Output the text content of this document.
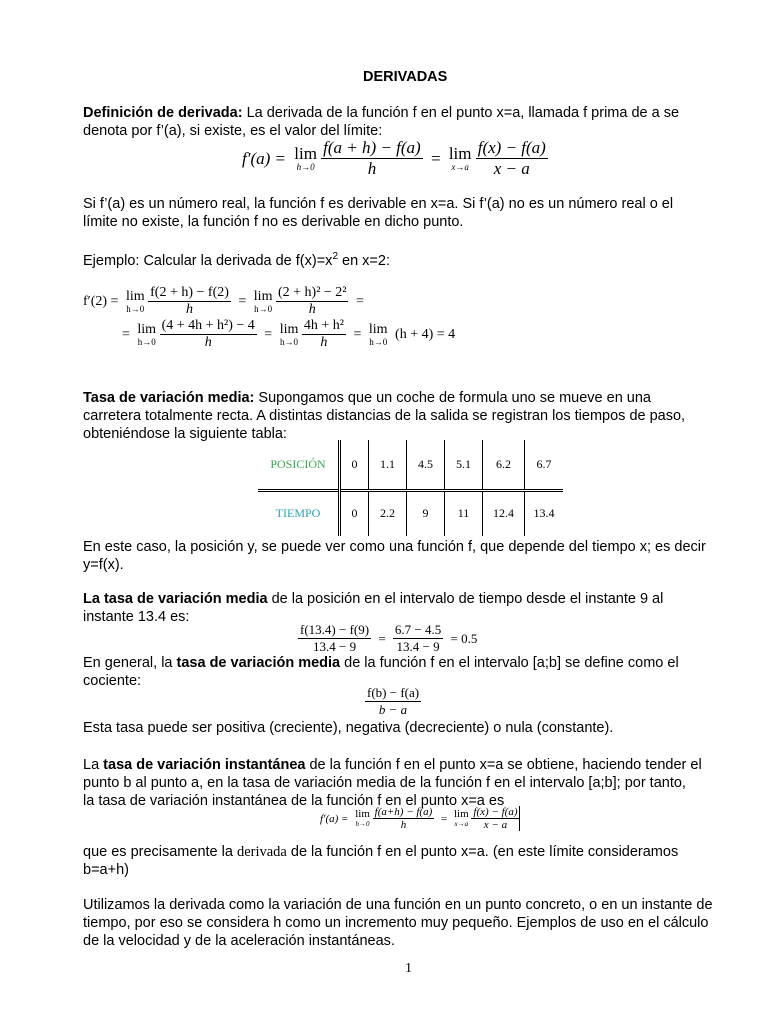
DERIVADAS
Definición de derivada: La derivada de la función f en el punto x=a, llamada f prima de a se
denota por f’(a), si existe, es el valor del límite:
f′(a) = lim
h→0
$\frac{f(a + h) - f(a)}{h} = \lim$
x→a
$\frac{f(x) - f(a)}{x - a}$
Si f’(a) es un número real, la función f es derivable en x=a. Si f’(a) no es un número real o el
límite no existe, la función f no es derivable en dicho punto.
Ejemplo: Calcular la derivada de $f(x)=x^2$ en x=2:
f′(2) = lim
h→0
$\frac{f(2 + h) - f(2)}{h} = \lim$
h→0
$\frac{\text{(2 + h)² − 2²}}{h}$ =
= lim
h→0
$\frac{\text{(4 + 4h + h²) − 4}}{h} = \lim$
h→0
$\frac{\text{4h + h²}}{h} = \lim$
h→0 (h + 4) = 4
Tasa de variación media: Supongamos que un coche de formula uno se mueve en una
carretera totalmente recta. A distintas distancias de la salida se registran los tiempos de paso,
obteniéndose la siguiente tabla:
POSICIÓN	0	1.1	4.5	5.1	6.2	6.7
TIEMPO	0	2.2	9	11	12.4	13.4
En este caso, la posición y, se puede ver como una función f, que depende del tiempo x; es decir
y=f(x).
La tasa de variación media de la posición en el intervalo de tiempo desde el instante 9 al
instante 13.4 es:
$\frac{f(13.4) - f(9)}{13.4 - 9} = \frac{6.7 - 4.5}{13.4 - 9} = 0.5$
En general, la tasa de variación media de la función f en el intervalo [a;b] se define como el
cociente:
$\frac{f(b) - f(a)}{b - a}$
Esta tasa puede ser positiva (creciente), negativa (decreciente) o nula (constante).
La tasa de variación instantánea de la función f en el punto x=a se obtiene, haciendo tender el
punto b al punto a, en la tasa de variación media de la función f en el intervalo [a;b]; por tanto,
la tasa de variación instantánea de la función f en el punto x=a es
f′(a) = lim
h→0
$\frac{f(a+h) - f(a)}{h} = \lim$
x→a
$\frac{f(x) - f(a)}{x - a}$
que es precisamente la derivada de la función f en el punto x=a. (en este límite consideramos
b=a+h)
Utilizamos la derivada como la variación de una función en un punto concreto, o en un instante de
tiempo, por eso se considera h como un incremento muy pequeño. Ejemplos de uso en el cálculo
de la velocidad y de la aceleración instantáneas.
1
